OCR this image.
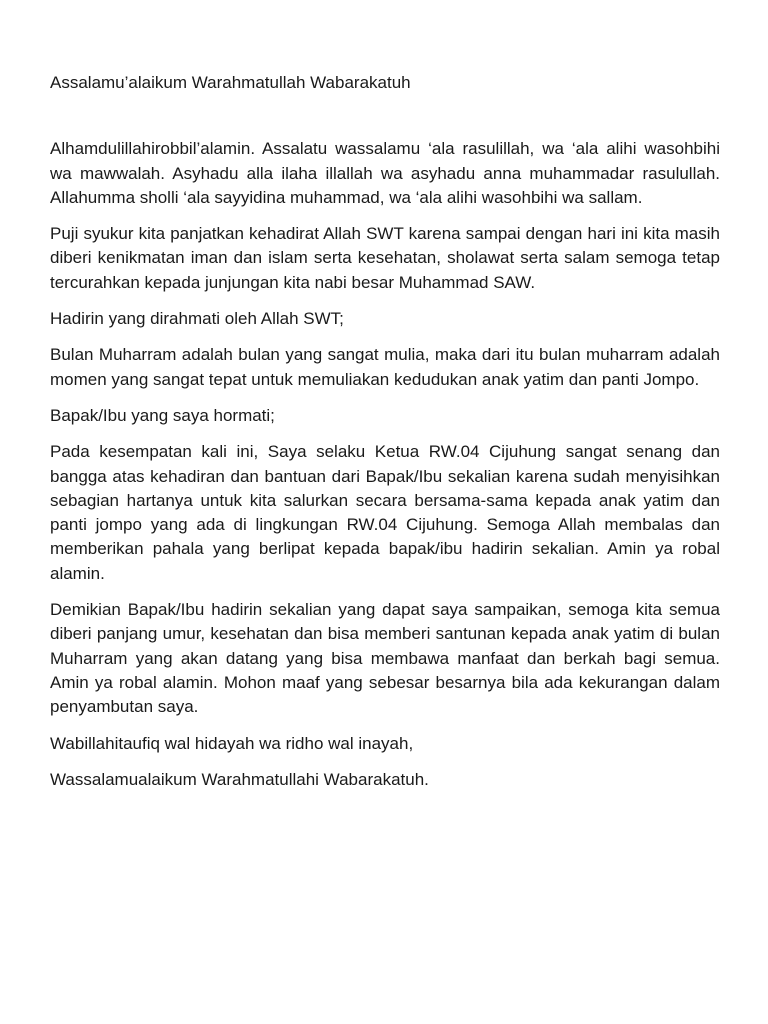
Assalamu’alaikum Warahmatullah Wabarakatuh

Alhamdulillahirobbil’alamin. Assalatu wassalamu ‘ala rasulillah, wa ‘ala alihi wasohbihi wa mawwalah. Asyhadu alla ilaha illallah wa asyhadu anna muhammadar rasulullah. Allahumma sholli ‘ala sayyidina muhammad, wa ‘ala alihi wasohbihi wa sallam.

Puji syukur kita panjatkan kehadirat Allah SWT karena sampai dengan hari ini kita masih diberi kenikmatan iman dan islam serta kesehatan, sholawat serta salam semoga tetap tercurahkan kepada junjungan kita nabi besar Muhammad SAW.

Hadirin yang dirahmati oleh Allah SWT;

Bulan Muharram adalah bulan yang sangat mulia, maka dari itu bulan muharram adalah momen yang sangat tepat untuk memuliakan kedudukan anak yatim dan panti Jompo.

Bapak/Ibu yang saya hormati;

Pada kesempatan kali ini, Saya selaku Ketua RW.04 Cijuhung sangat senang dan bangga atas kehadiran dan bantuan dari Bapak/Ibu sekalian karena sudah menyisihkan sebagian hartanya untuk kita salurkan secara bersama-sama kepada anak yatim dan panti jompo yang ada di lingkungan RW.04 Cijuhung. Semoga Allah membalas dan memberikan pahala yang berlipat kepada bapak/ibu hadirin sekalian. Amin ya robal alamin.

Demikian Bapak/Ibu hadirin sekalian yang dapat saya sampaikan, semoga kita semua diberi panjang umur, kesehatan dan bisa memberi santunan kepada anak yatim di bulan Muharram yang akan datang yang bisa membawa manfaat dan berkah bagi semua. Amin ya robal alamin. Mohon maaf yang sebesar besarnya bila ada kekurangan dalam penyambutan saya.

Wabillahitaufiq wal hidayah wa ridho wal inayah,

Wassalamualaikum Warahmatullahi Wabarakatuh.
